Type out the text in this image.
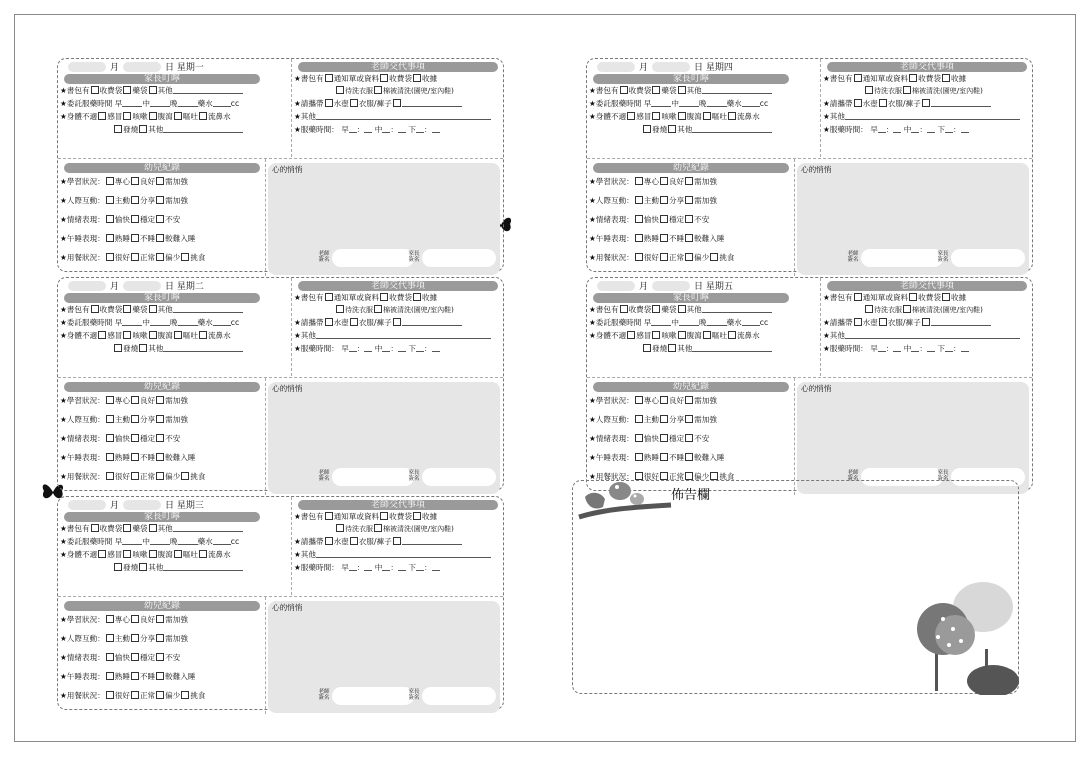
月	日 星期一
家長叮嚀
老師交代事項
幼兒紀錄
★書包有 收費袋 藥袋 其他
★委託服藥時間 早	中	晚	藥水 cc
★身體不適 感冒 咳嗽 腹瀉 嘔吐 流鼻水
發燒 其他
★書包有 通知單或資料 收費袋 收據
待洗衣服 棉被清洗(園兜/室內鞋)
★請攜帶 水壺 衣服/褲子
★其他
★服藥時間： 早 ： 中 ： 下 ：
★學習狀況： 專心 良好 需加強
★人際互動： 主動 分享 需加強
★情緒表現： 愉快 穩定 不安
★午睡表現： 熟睡 不睡 較難入睡
★用餐狀況： 很好 正常 偏少 挑食
心的悄悄
老師簽名
家長簽名
月	日 星期二
家長叮嚀
老師交代事項
幼兒紀錄
★書包有 收費袋 藥袋 其他
★委託服藥時間 早	中	晚	藥水 cc
★身體不適 感冒 咳嗽 腹瀉 嘔吐 流鼻水
發燒 其他
★書包有 通知單或資料 收費袋 收據
待洗衣服 棉被清洗(園兜/室內鞋)
★請攜帶 水壺 衣服/褲子
★其他
★服藥時間： 早 ： 中 ： 下 ：
★學習狀況： 專心 良好 需加強
★人際互動： 主動 分享 需加強
★情緒表現： 愉快 穩定 不安
★午睡表現： 熟睡 不睡 較難入睡
★用餐狀況： 很好 正常 偏少 挑食
心的悄悄
老師簽名
家長簽名
月	日 星期三
家長叮嚀
老師交代事項
幼兒紀錄
★書包有 收費袋 藥袋 其他
★委託服藥時間 早	中	晚	藥水 cc
★身體不適 感冒 咳嗽 腹瀉 嘔吐 流鼻水
發燒 其他
★書包有 通知單或資料 收費袋 收據
待洗衣服 棉被清洗(園兜/室內鞋)
★請攜帶 水壺 衣服/褲子
★其他
★服藥時間： 早 ： 中 ： 下 ：
★學習狀況： 專心 良好 需加強
★人際互動： 主動 分享 需加強
★情緒表現： 愉快 穩定 不安
★午睡表現： 熟睡 不睡 較難入睡
★用餐狀況： 很好 正常 偏少 挑食
心的悄悄
老師簽名
家長簽名
月	日 星期四
家長叮嚀
老師交代事項
幼兒紀錄
★書包有 收費袋 藥袋 其他
★委託服藥時間 早	中	晚	藥水 cc
★身體不適 感冒 咳嗽 腹瀉 嘔吐 流鼻水
發燒 其他
★書包有 通知單或資料 收費袋 收據
待洗衣服 棉被清洗(園兜/室內鞋)
★請攜帶 水壺 衣服/褲子
★其他
★服藥時間： 早 ： 中 ： 下 ：
★學習狀況： 專心 良好 需加強
★人際互動： 主動 分享 需加強
★情緒表現： 愉快 穩定 不安
★午睡表現： 熟睡 不睡 較難入睡
★用餐狀況： 很好 正常 偏少 挑食
心的悄悄
老師簽名
家長簽名
月	日 星期五
家長叮嚀
老師交代事項
幼兒紀錄
★書包有 收費袋 藥袋 其他
★委託服藥時間 早	中	晚	藥水 cc
★身體不適 感冒 咳嗽 腹瀉 嘔吐 流鼻水
發燒 其他
★書包有 通知單或資料 收費袋 收據
待洗衣服 棉被清洗(園兜/室內鞋)
★請攜帶 水壺 衣服/褲子
★其他
★服藥時間： 早 ： 中 ： 下 ：
★學習狀況： 專心 良好 需加強
★人際互動： 主動 分享 需加強
★情緒表現： 愉快 穩定 不安
★午睡表現： 熟睡 不睡 較難入睡
★用餐狀況： 很好 正常 偏少 挑食
心的悄悄
老師簽名
家長簽名
佈告欄
